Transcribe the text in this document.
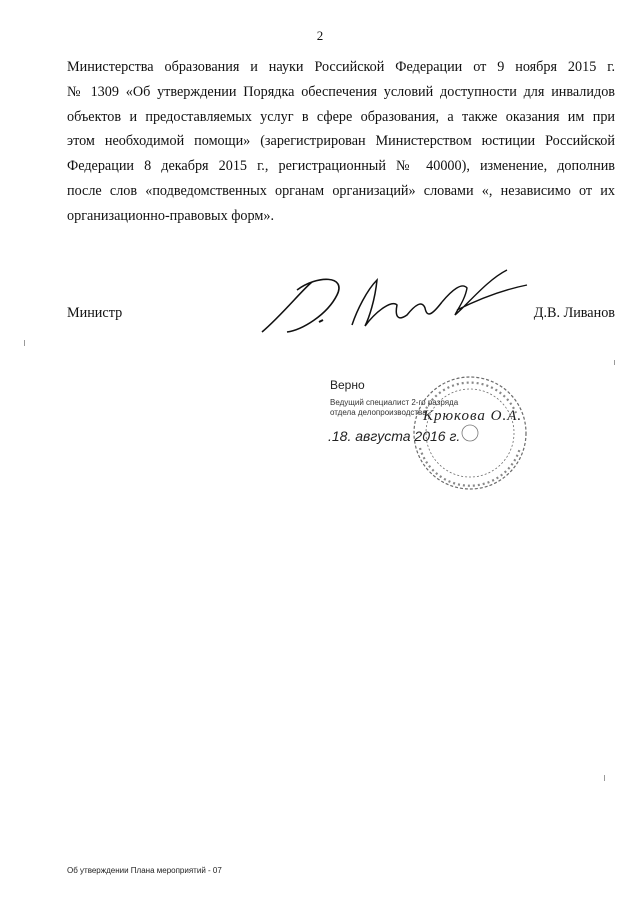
2
Министерства образования и науки Российской Федерации от 9 ноября 2015 г.
№ 1309 «Об утверждении Порядка обеспечения условий доступности для инвалидов
объектов и предоставляемых услуг в сфере образования, а также оказания им при
этом необходимой помощи» (зарегистрирован Министерством юстиции Российской
Федерации 8 декабря 2015 г., регистрационный № 40000), изменение, дополнив
после слов «подведомственных органам организаций» словами «, независимо от их
организационно-правовых форм».
Министр	Д.В. Ливанов
Верно
Ведущий специалист 2-го разряда
отдела делопроизводства
Крюкова О.А.
.18. августа 2016 г.
Об утверждении Плана мероприятий - 07
